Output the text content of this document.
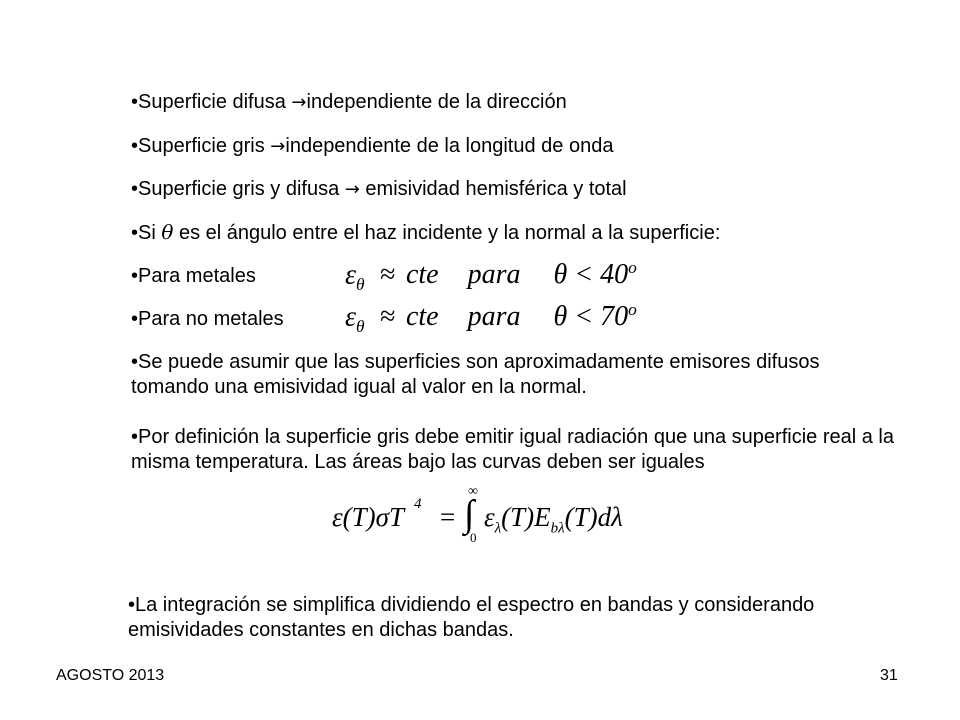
•Superficie difusa →independiente de la dirección
•Superficie gris →independiente de la longitud de onda
•Superficie gris y difusa → emisividad hemisférica y total
•Si θ es el ángulo entre el haz incidente y la normal a la superficie:
•Para metales	$\varepsilon_\theta$ ≈ cte para $\theta < 40^o$
•Para no metales $\varepsilon_\theta$ ≈ cte para $\theta < 70^o$
•Se puede asumir que las superficies son aproximadamente emisores difusos tomando una emisividad igual al valor en la normal.
•Por definición la superficie gris debe emitir igual radiación que una superficie real a la misma temperatura. Las áreas bajo las curvas deben ser iguales
ε(T)σT 4 = ∫
∞
0
$\varepsilon_\lambda(T)E_{b\lambda}(T)d\lambda$
•La integración se simplifica dividiendo el espectro en bandas y considerando emisividades constantes en dichas bandas.
AGOSTO 2013	31
